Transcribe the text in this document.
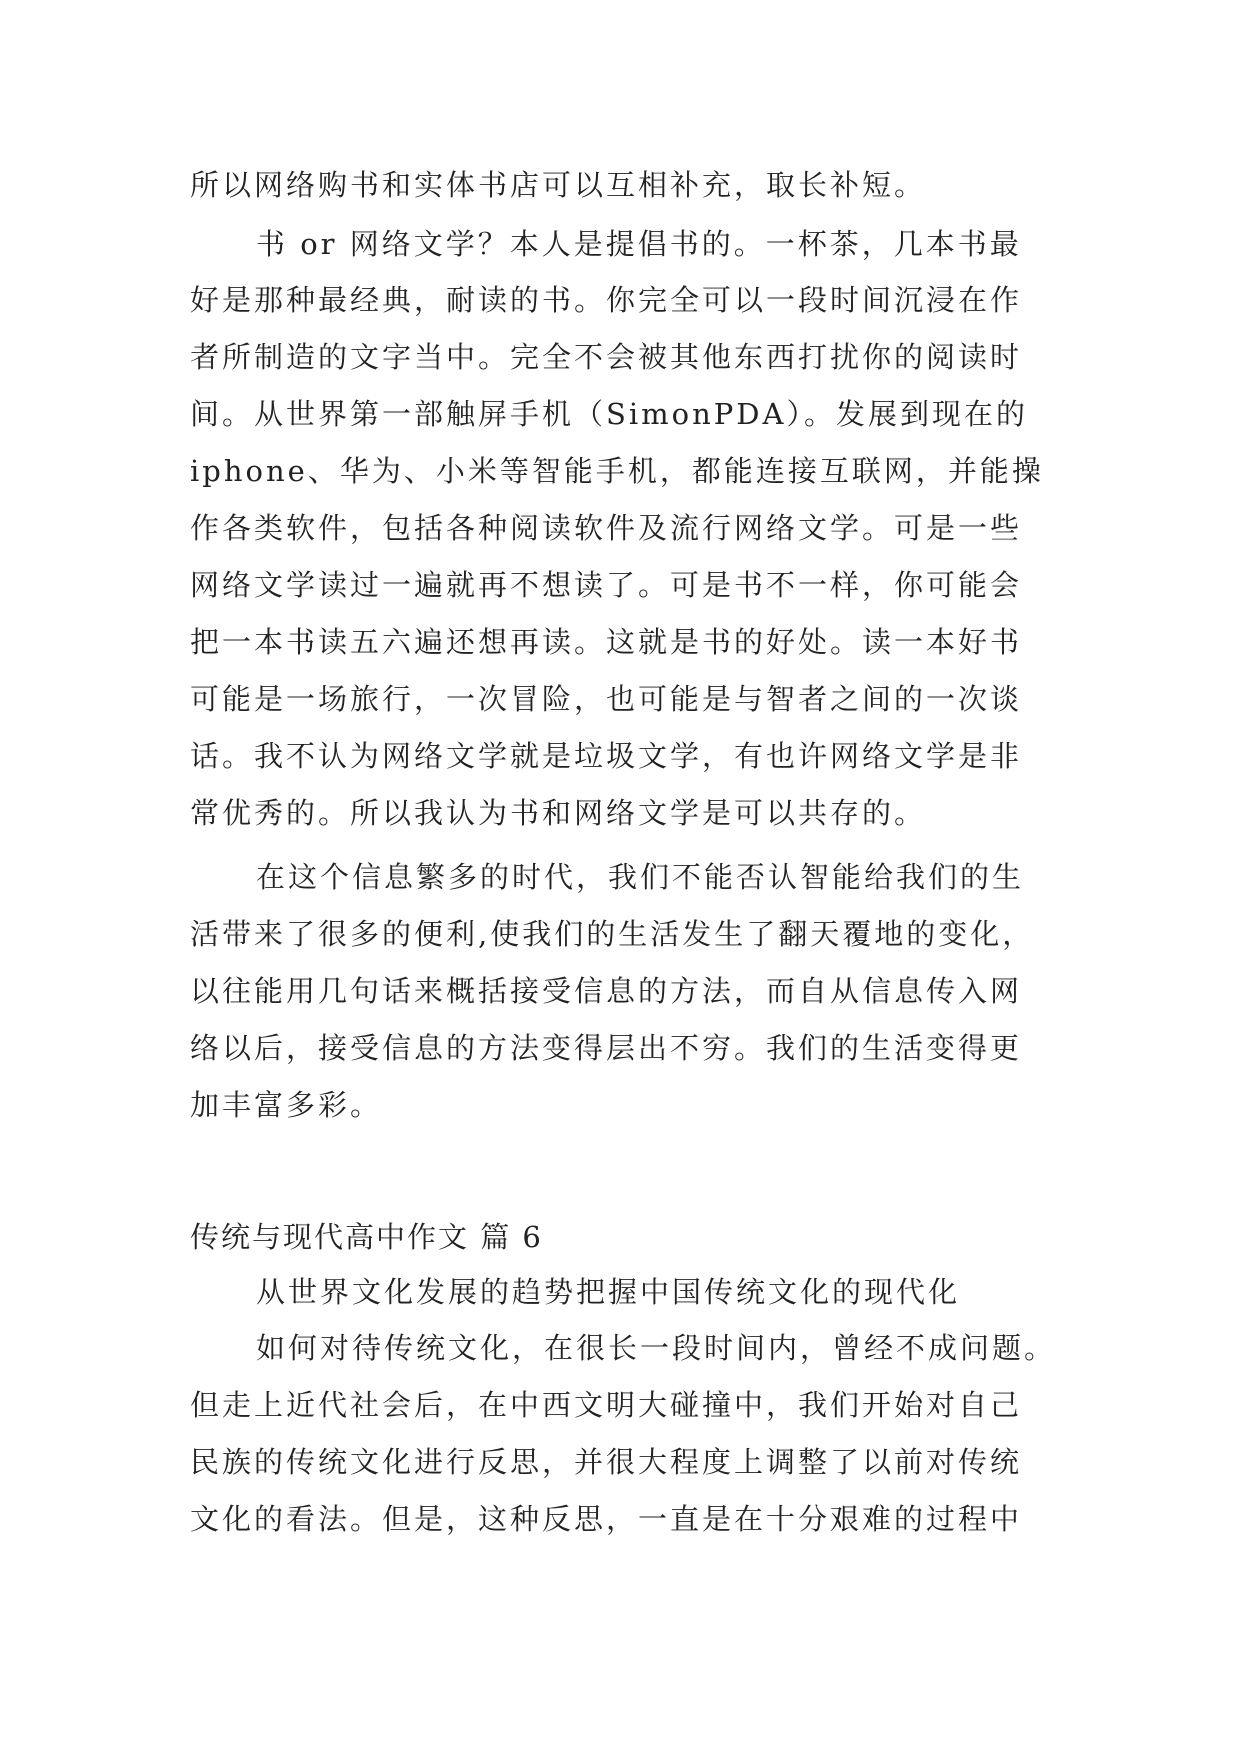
所以网络购书和实体书店可以互相补充，取长补短。
书 or 网络文学？本人是提倡书的。一杯茶，几本书最
好是那种最经典，耐读的书。你完全可以一段时间沉浸在作
者所制造的文字当中。完全不会被其他东西打扰你的阅读时
间。从世界第一部触屏手机（SimonPDA）。发展到现在的
iphone、华为、小米等智能手机，都能连接互联网，并能操
作各类软件，包括各种阅读软件及流行网络文学。可是一些
网络文学读过一遍就再不想读了。可是书不一样，你可能会
把一本书读五六遍还想再读。这就是书的好处。读一本好书
可能是一场旅行，一次冒险，也可能是与智者之间的一次谈
话。我不认为网络文学就是垃圾文学，有也许网络文学是非
常优秀的。所以我认为书和网络文学是可以共存的。
在这个信息繁多的时代，我们不能否认智能给我们的生
活带来了很多的便利,使我们的生活发生了翻天覆地的变化，
以往能用几句话来概括接受信息的方法，而自从信息传入网
络以后，接受信息的方法变得层出不穷。我们的生活变得更
加丰富多彩。
传统与现代高中作文 篇 6
从世界文化发展的趋势把握中国传统文化的现代化
如何对待传统文化，在很长一段时间内，曾经不成问题。
但走上近代社会后，在中西文明大碰撞中，我们开始对自己
民族的传统文化进行反思，并很大程度上调整了以前对传统
文化的看法。但是，这种反思，一直是在十分艰难的过程中
